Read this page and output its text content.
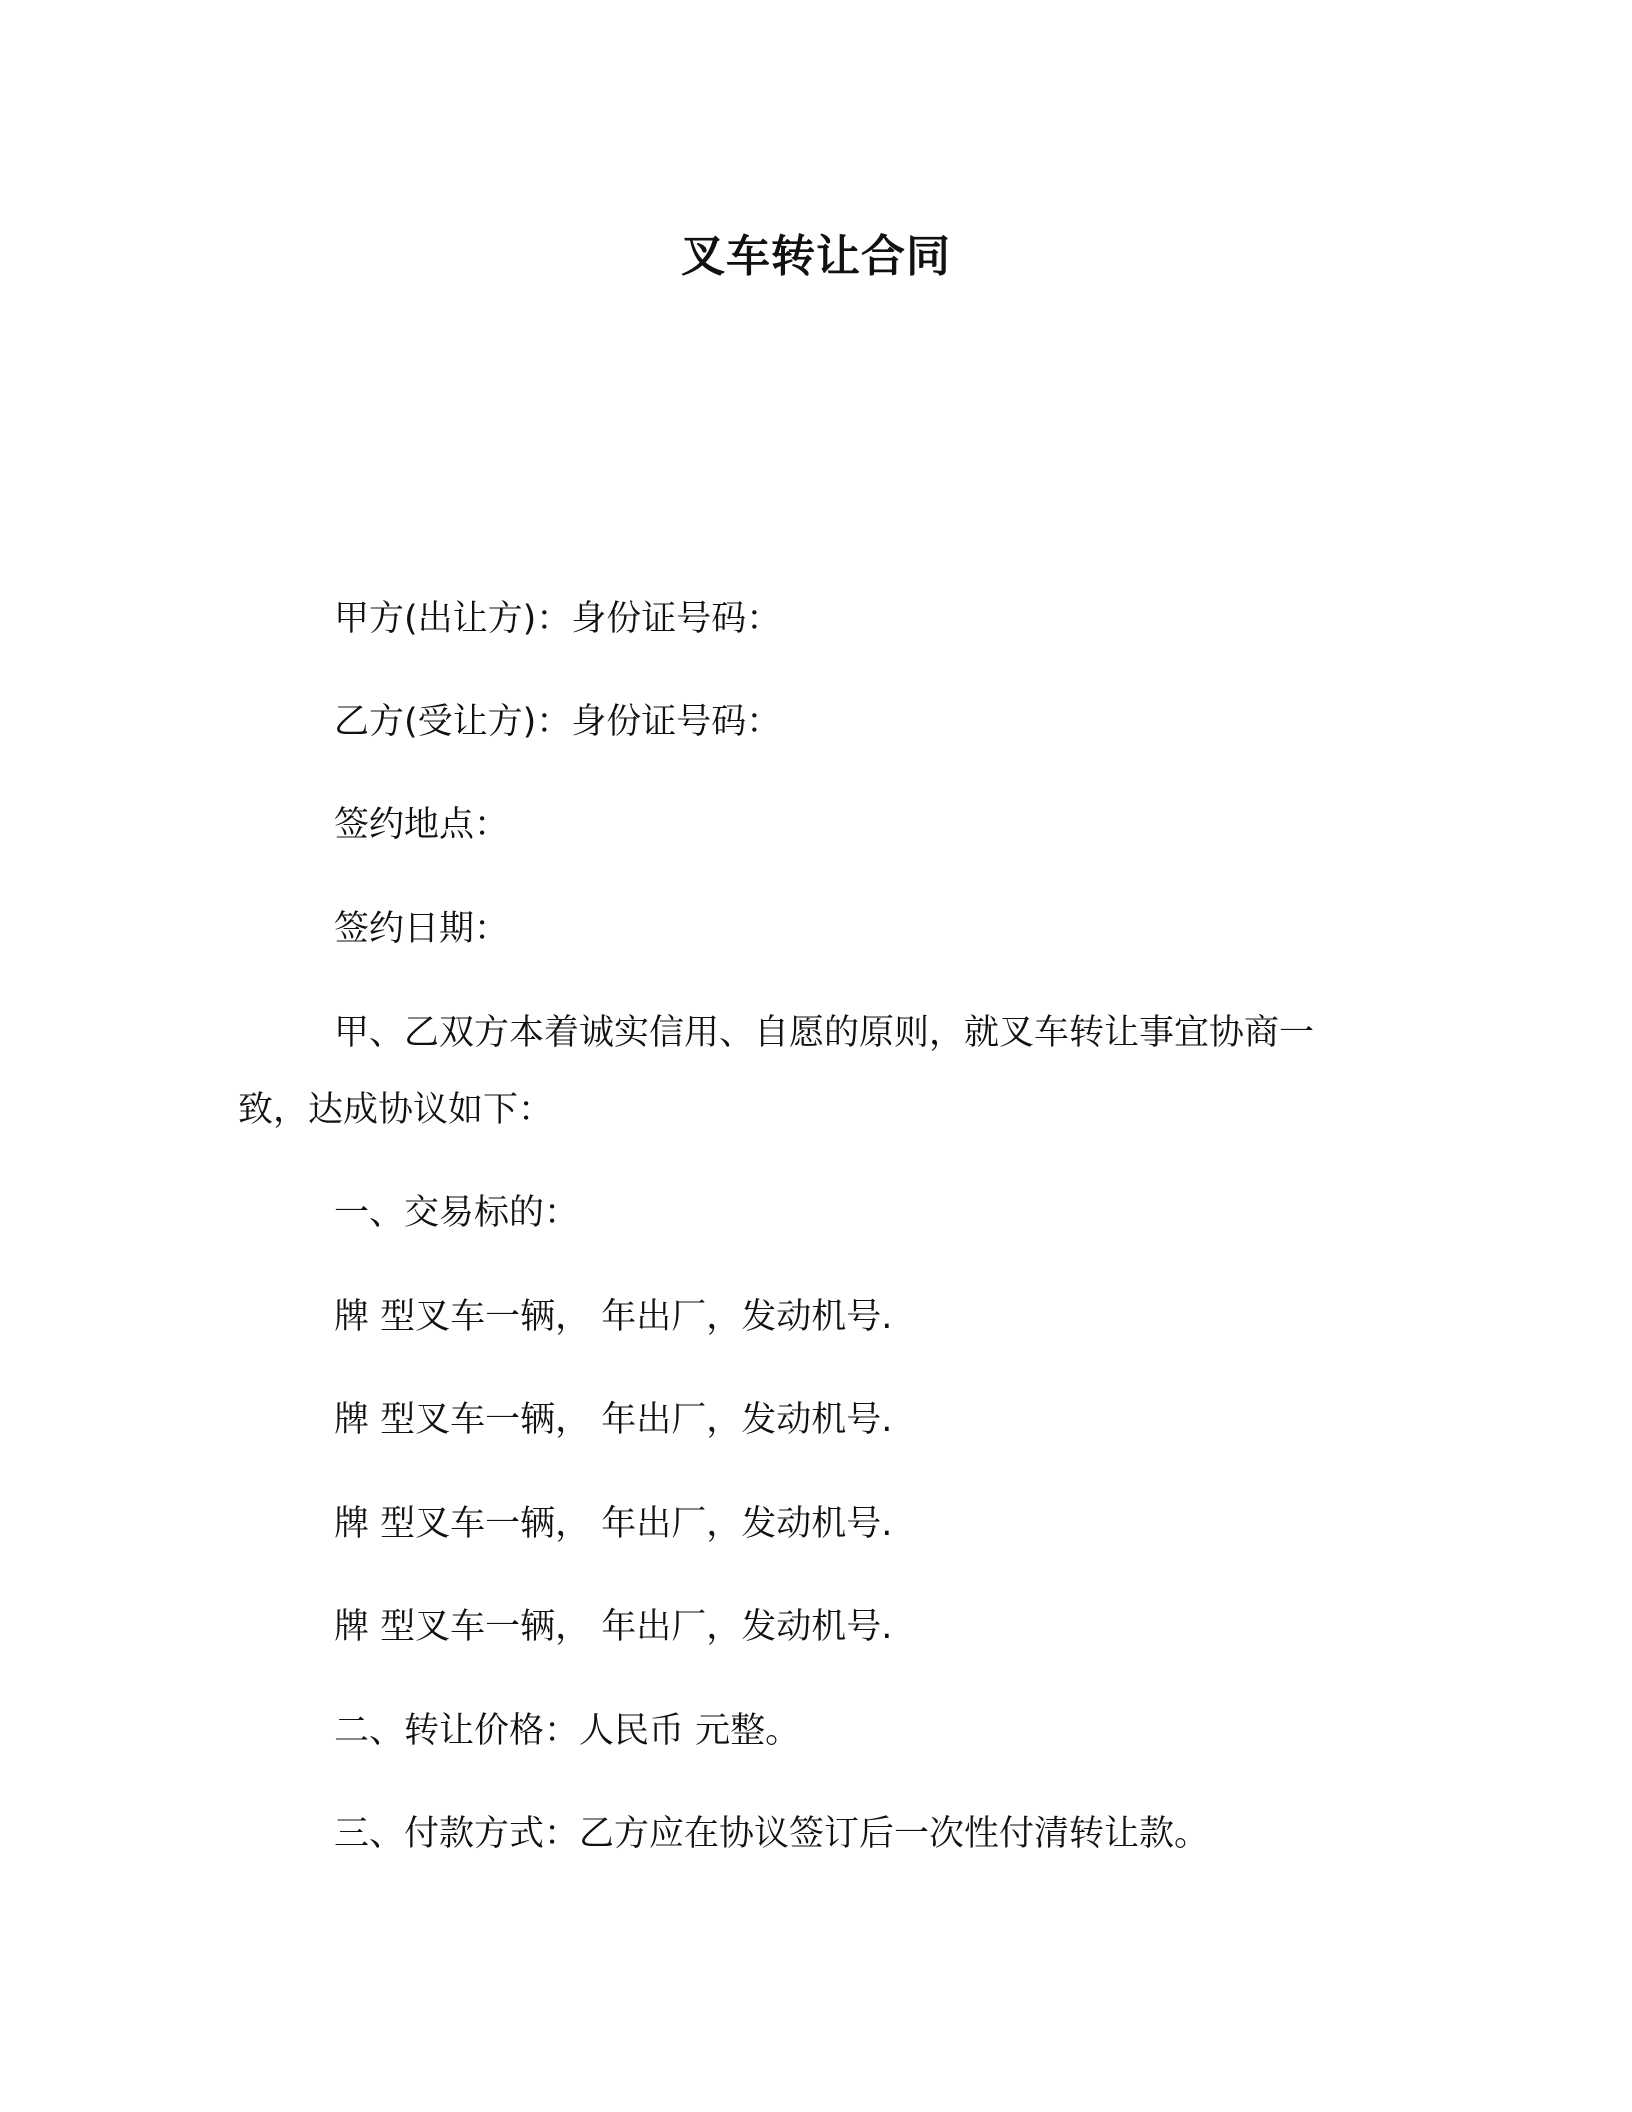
叉车转让合同
甲方(出让方)：身份证号码：
乙方(受让方)：身份证号码：
签约地点：
签约日期：
甲、乙双方本着诚实信用、自愿的原则，就叉车转让事宜协商一
致，达成协议如下：
一、交易标的：
牌 型叉车一辆， 年出厂，发动机号.
牌 型叉车一辆， 年出厂，发动机号.
牌 型叉车一辆， 年出厂，发动机号.
牌 型叉车一辆， 年出厂，发动机号.
二、转让价格：人民币 元整。
三、付款方式：乙方应在协议签订后一次性付清转让款。
